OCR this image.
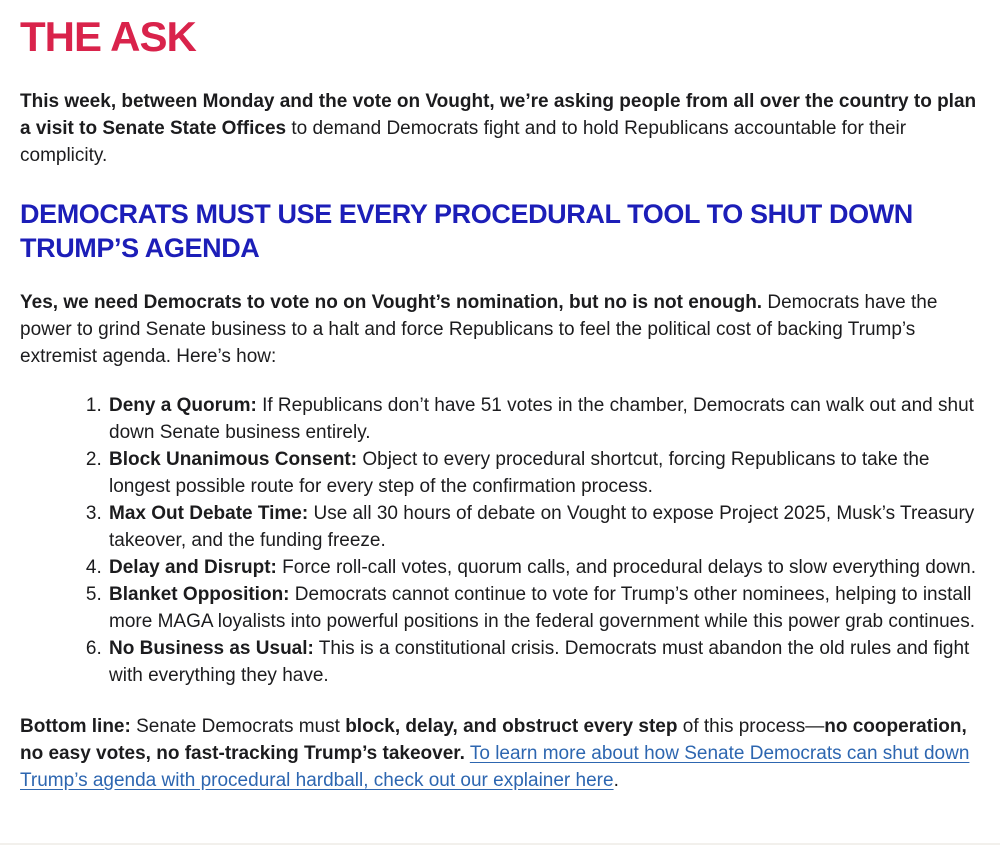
THE ASK

This week, between Monday and the vote on Vought, we’re asking people from all over the country to plan a visit to Senate State Offices to demand Democrats fight and to hold Republicans accountable for their complicity.

DEMOCRATS MUST USE EVERY PROCEDURAL TOOL TO SHUT DOWN TRUMP’S AGENDA

Yes, we need Democrats to vote no on Vought’s nomination, but no is not enough. Democrats have the power to grind Senate business to a halt and force Republicans to feel the political cost of backing Trump’s extremist agenda. Here’s how:

1. Deny a Quorum: If Republicans don’t have 51 votes in the chamber, Democrats can walk out and shut down Senate business entirely.
2. Block Unanimous Consent: Object to every procedural shortcut, forcing Republicans to take the longest possible route for every step of the confirmation process.
3. Max Out Debate Time: Use all 30 hours of debate on Vought to expose Project 2025, Musk’s Treasury takeover, and the funding freeze.
4. Delay and Disrupt: Force roll-call votes, quorum calls, and procedural delays to slow everything down.
5. Blanket Opposition: Democrats cannot continue to vote for Trump’s other nominees, helping to install more MAGA loyalists into powerful positions in the federal government while this power grab continues.
6. No Business as Usual: This is a constitutional crisis. Democrats must abandon the old rules and fight with everything they have.

Bottom line: Senate Democrats must block, delay, and obstruct every step of this process—no cooperation, no easy votes, no fast-tracking Trump’s takeover. To learn more about how Senate Democrats can shut down Trump’s agenda with procedural hardball, check out our explainer here.
